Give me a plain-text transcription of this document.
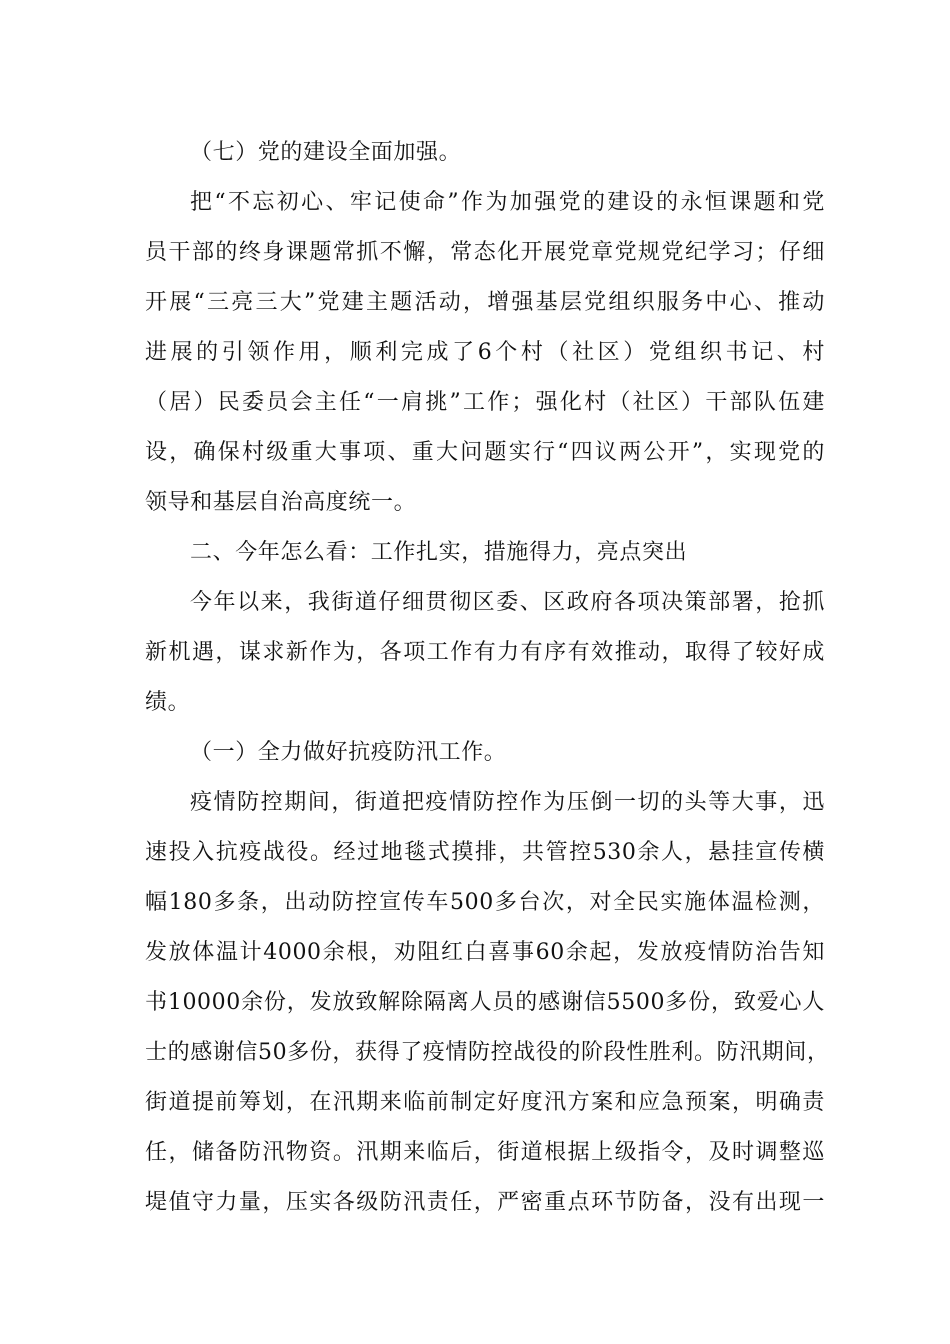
（七）党的建设全面加强。
把“不忘初心、牢记使命”作为加强党的建设的永恒课题和党
员干部的终身课题常抓不懈，常态化开展党章党规党纪学习；仔细
开展“三亮三大”党建主题活动，增强基层党组织服务中心、推动
进展的引领作用，顺利完成了6个村（社区）党组织书记、村
（居）民委员会主任“一肩挑”工作；强化村（社区）干部队伍建
设，确保村级重大事项、重大问题实行“四议两公开”，实现党的
领导和基层自治高度统一。
二、今年怎么看：工作扎实，措施得力，亮点突出
今年以来，我街道仔细贯彻区委、区政府各项决策部署，抢抓
新机遇，谋求新作为，各项工作有力有序有效推动，取得了较好成
绩。
（一）全力做好抗疫防汛工作。
疫情防控期间，街道把疫情防控作为压倒一切的头等大事，迅
速投入抗疫战役。经过地毯式摸排，共管控530余人，悬挂宣传横
幅180多条，出动防控宣传车500多台次，对全民实施体温检测，
发放体温计4000余根，劝阻红白喜事60余起，发放疫情防治告知
书10000余份，发放致解除隔离人员的感谢信5500多份，致爱心人
士的感谢信50多份，获得了疫情防控战役的阶段性胜利。防汛期间，
街道提前筹划，在汛期来临前制定好度汛方案和应急预案，明确责
任，储备防汛物资。汛期来临后，街道根据上级指令，及时调整巡
堤值守力量，压实各级防汛责任，严密重点环节防备，没有出现一
